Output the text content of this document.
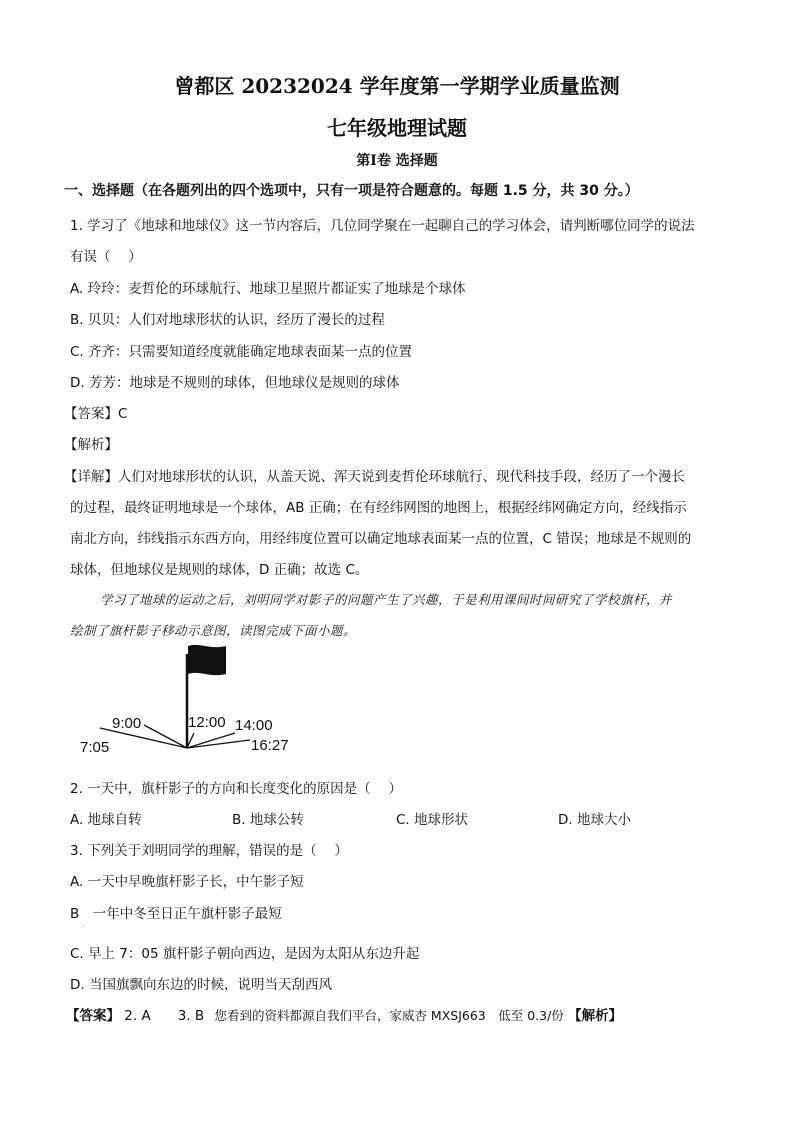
曾都区 20232024 学年度第一学期学业质量监测
七年级地理试题
第Ⅰ卷 选择题
一、选择题（在各题列出的四个选项中，只有一项是符合题意的。每题 1.5 分，共 30 分。）
1. 学习了《地球和地球仪》这一节内容后，几位同学聚在一起聊自己的学习体会，请判断哪位同学的说法
有误（　 ）
A. 玲玲：麦哲伦的环球航行、地球卫星照片都证实了地球是个球体
B. 贝贝：人们对地球形状的认识，经历了漫长的过程
C. 齐齐：只需要知道经度就能确定地球表面某一点的位置
D. 芳芳：地球是不规则的球体，但地球仪是规则的球体
【答案】C
【解析】
【详解】人们对地球形状的认识，从盖天说、浑天说到麦哲伦环球航行、现代科技手段，经历了一个漫长
的过程，最终证明地球是一个球体，AB 正确；在有经纬网图的地图上，根据经纬网确定方向，经线指示
南北方向，纬线指示东西方向，用经纬度位置可以确定地球表面某一点的位置，C 错误；地球是不规则的
球体，但地球仪是规则的球体，D 正确；故选 C。
学习了地球的运动之后，刘明同学对影子的问题产生了兴趣，于是利用课间时间研究了学校旗杆，并
绘制了旗杆影子移动示意图，读图完成下面小题。
9:00	12:00 14:00
7:05	16:27
2. 一天中，旗杆影子的方向和长度变化的原因是（　 ）
A. 地球自转	B. 地球公转	C. 地球形状	D. 地球大小
3. 下列关于刘明同学的理解，错误的是（　 ）
A. 一天中早晚旗杆影子长，中午影子短
B　一年中冬至日正午旗杆影子最短
·
C. 早上 7：05 旗杆影子朝向西边，是因为太阳从东边升起
D. 当国旗飘向东边的时候，说明当天刮西风
【答案】 2. A　　3. B 您看到的资料都源自我们平台，家威杏 MXSJ663　低至 0.3/份 【解析】
